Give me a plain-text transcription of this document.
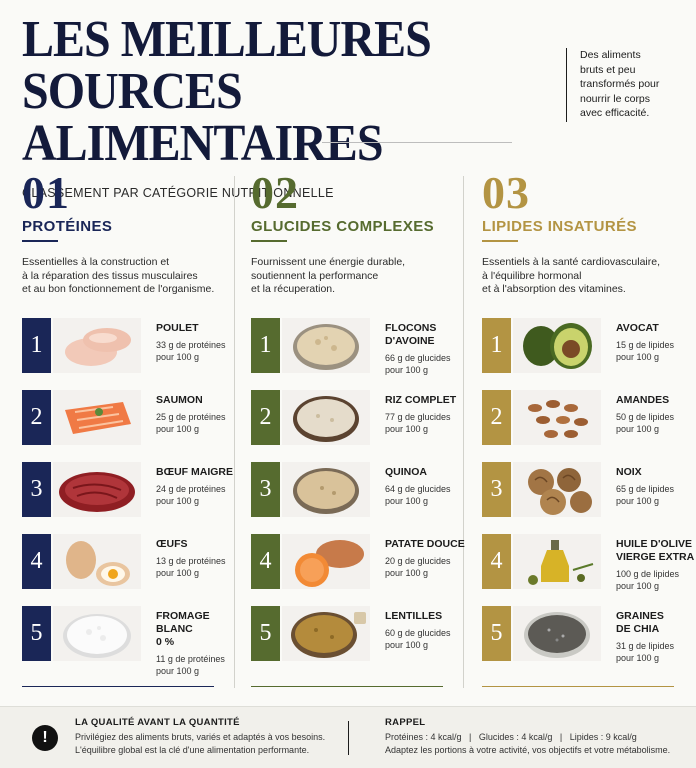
LES MEILLEURES
SOURCES ALIMENTAIRES
CLASSEMENT PAR CATÉGORIE NUTRITIONNELLE
Des aliments
bruts et peu
transformés pour
nourrir le corps
avec efficacité.
01
PROTÉINES
Essentielles à la construction et
à la réparation des tissus musculaires
et au bon fonctionnement de l'organisme.
1
POULET
33 g de protéines
pour 100 g
2
SAUMON
25 g de protéines
pour 100 g
3
BŒUF MAIGRE
24 g de protéines
pour 100 g
4
ŒUFS
13 g de protéines
pour 100 g
5
FROMAGE BLANC
0 %
11 g de protéines
pour 100 g
02
GLUCIDES COMPLEXES
Fournissent une énergie durable,
soutiennent la performance
et la récuperation.
1
FLOCONS
D'AVOINE
66 g de glucides
pour 100 g
2
RIZ COMPLET
77 g de glucides
pour 100 g
3
QUINOA
64 g de glucides
pour 100 g
4
PATATE DOUCE
20 g de glucides
pour 100 g
5
LENTILLES
60 g de glucides
pour 100 g
03
LIPIDES INSATURÉS
Essentiels à la santé cardiovasculaire,
à l'équilibre hormonal
et à l'absorption des vitamines.
1
AVOCAT
15 g de lipides
pour 100 g
2
AMANDES
50 g de lipides
pour 100 g
3
NOIX
65 g de lipides
pour 100 g
4
HUILE D'OLIVE
VIERGE EXTRA
100 g de lipides
pour 100 g
5
GRAINES
DE CHIA
31 g de lipides
pour 100 g
!
LA QUALITÉ AVANT LA QUANTITÉ
Privilégiez des aliments bruts, variés et adaptés à vos besoins.
L'équilibre global est la clé d'une alimentation performante.
RAPPEL
Protéines : 4 kcal/g   |   Glucides : 4 kcal/g   |   Lipides : 9 kcal/g
Adaptez les portions à votre activité, vos objectifs et votre métabolisme.
